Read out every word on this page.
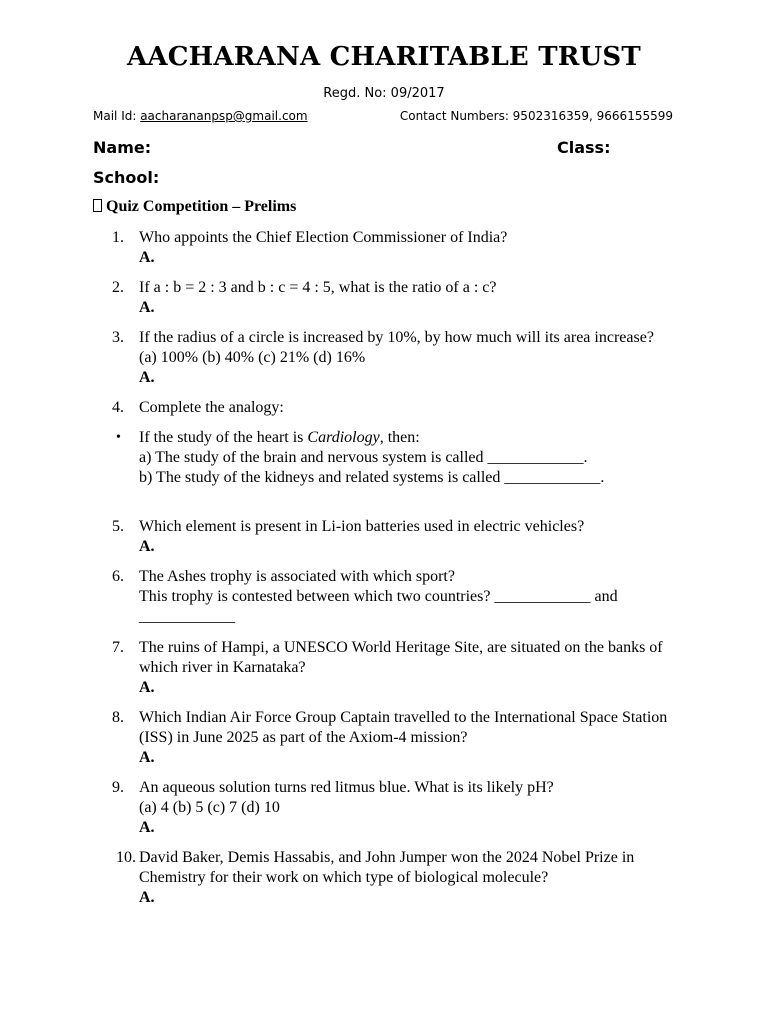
AACHARANA CHARITABLE TRUST
Regd. No: 09/2017
Mail Id: aacharananpsp@gmail.com	Contact Numbers: 9502316359, 9666155599
Name:	Class:
School:
Quiz Competition – Prelims
1. Who appoints the Chief Election Commissioner of India?
A.
2. If a : b = 2 : 3 and b : c = 4 : 5, what is the ratio of a : c?
A.
3. If the radius of a circle is increased by 10%, by how much will its area increase?
(a) 100% (b) 40% (c) 21% (d) 16%
A.
4. Complete the analogy:
• If the study of the heart is Cardiology, then:
a) The study of the brain and nervous system is called ____________.
b) The study of the kidneys and related systems is called ____________.
5. Which element is present in Li-ion batteries used in electric vehicles?
A.
6. The Ashes trophy is associated with which sport?
This trophy is contested between which two countries? ____________ and
____________
7. The ruins of Hampi, a UNESCO World Heritage Site, are situated on the banks of
which river in Karnataka?
A.
8. Which Indian Air Force Group Captain travelled to the International Space Station
(ISS) in June 2025 as part of the Axiom-4 mission?
A.
9. An aqueous solution turns red litmus blue. What is its likely pH?
(a) 4 (b) 5 (c) 7 (d) 10
A.
10. David Baker, Demis Hassabis, and John Jumper won the 2024 Nobel Prize in
Chemistry for their work on which type of biological molecule?
A.
